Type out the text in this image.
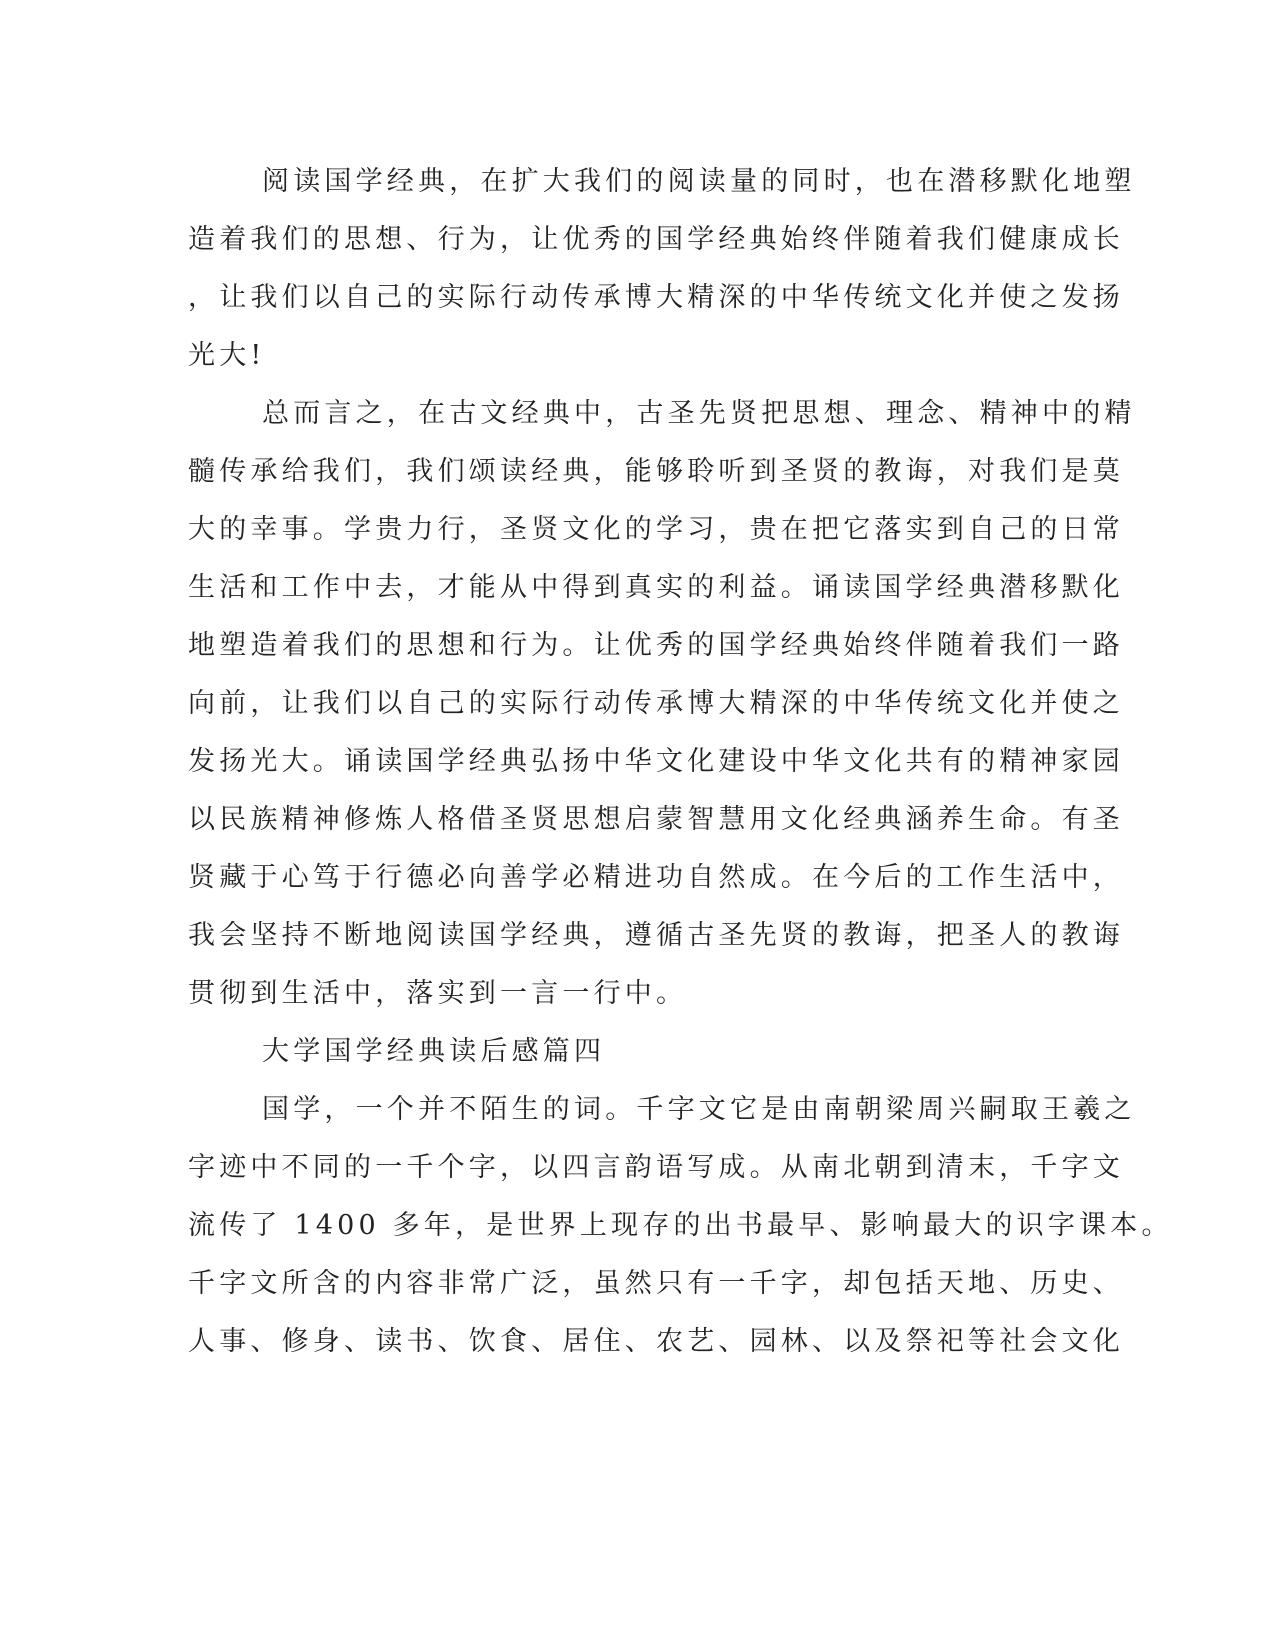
阅读国学经典，在扩大我们的阅读量的同时，也在潜移默化地塑
造着我们的思想、行为，让优秀的国学经典始终伴随着我们健康成长
，让我们以自己的实际行动传承博大精深的中华传统文化并使之发扬
光大!
总而言之，在古文经典中，古圣先贤把思想、理念、精神中的精
髓传承给我们，我们颂读经典，能够聆听到圣贤的教诲，对我们是莫
大的幸事。学贵力行，圣贤文化的学习，贵在把它落实到自己的日常
生活和工作中去，才能从中得到真实的利益。诵读国学经典潜移默化
地塑造着我们的思想和行为。让优秀的国学经典始终伴随着我们一路
向前，让我们以自己的实际行动传承博大精深的中华传统文化并使之
发扬光大。诵读国学经典弘扬中华文化建设中华文化共有的精神家园
以民族精神修炼人格借圣贤思想启蒙智慧用文化经典涵养生命。有圣
贤藏于心笃于行德必向善学必精进功自然成。在今后的工作生活中，
我会坚持不断地阅读国学经典，遵循古圣先贤的教诲，把圣人的教诲
贯彻到生活中，落实到一言一行中。
大学国学经典读后感篇四
国学，一个并不陌生的词。千字文它是由南朝梁周兴嗣取王羲之
字迹中不同的一千个字，以四言韵语写成。从南北朝到清末，千字文
流传了 1400 多年，是世界上现存的出书最早、影响最大的识字课本。
千字文所含的内容非常广泛，虽然只有一千字，却包括天地、历史、
人事、修身、读书、饮食、居住、农艺、园林、以及祭祀等社会文化
